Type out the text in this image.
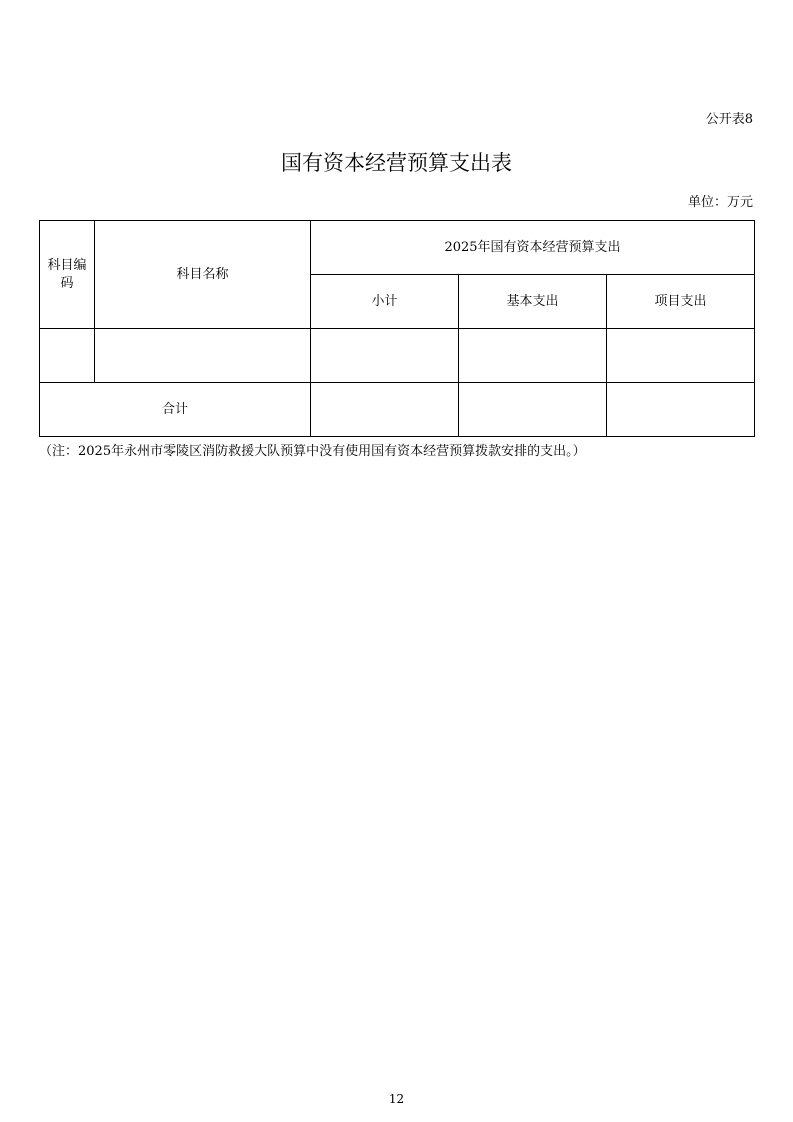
公开表8
国有资本经营预算支出表
单位：万元
科目编码	科目名称	2025年国有资本经营预算支出		
		小计	基本支出	项目支出

合计				
（注：2025年永州市零陵区消防救援大队预算中没有使用国有资本经营预算拨款安排的支出。）
12
